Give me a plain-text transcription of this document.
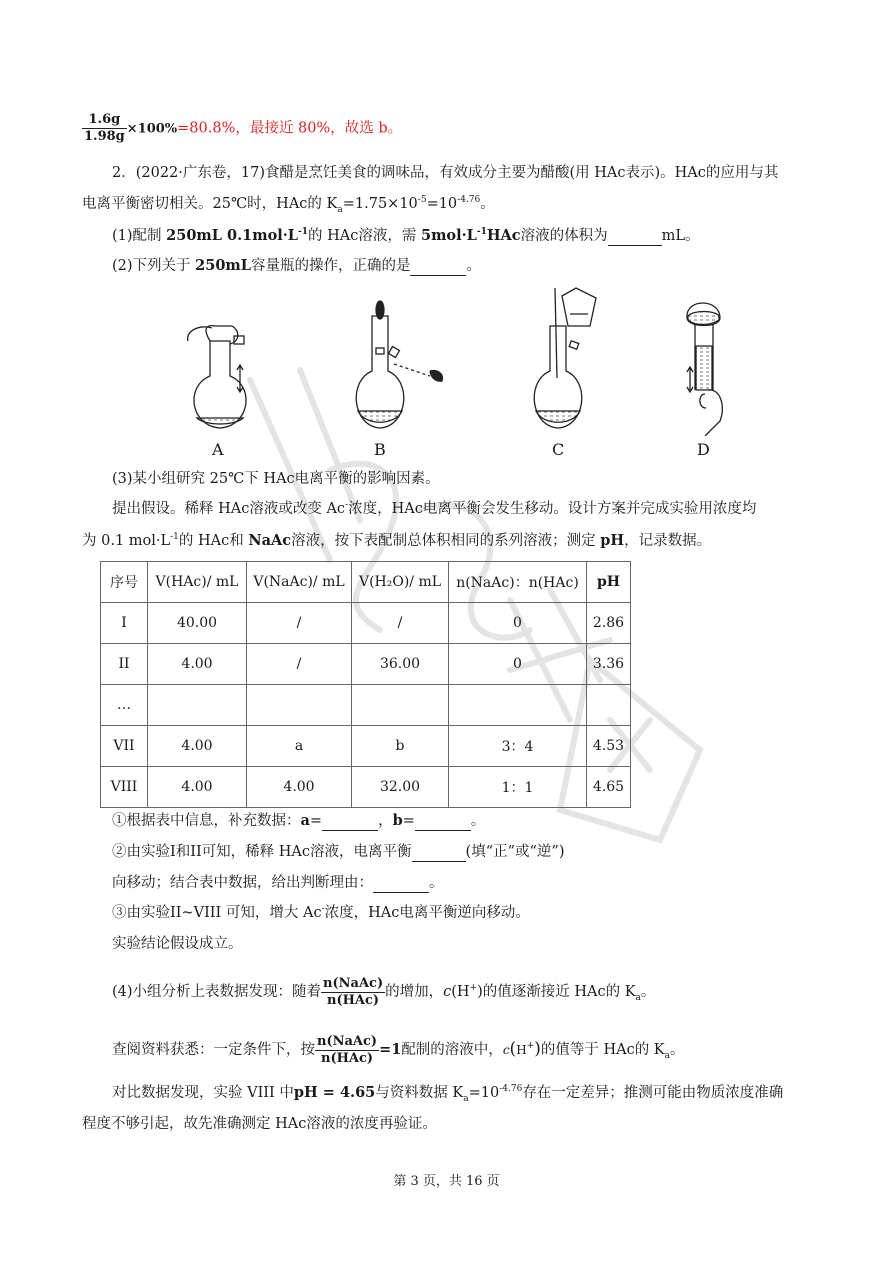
$\frac{1.6g}{1.98g} \times 100\%=80.8\%$，最接近 80%，故选 b。
2．(2022·广东卷，17)食醋是烹饪美食的调味品，有效成分主要为醋酸(用 HAc表示)。HAc的应用与其
电离平衡密切相关。25℃时，HAc的 $K_a=1.75\times 10^{-5}=10^{-4.76}$。
(1)配制 250mL $0.1mol\cdot L^{-1}$的 HAc溶液，需 $5mol\cdot L^{-1}HAc$溶液的体积为	mL。
(2)下列关于 250mL容量瓶的操作，正确的是	。
A	B	C	D
(3)某小组研究 25℃下 HAc电离平衡的影响因素。
提出假设。稀释 HAc溶液或改变 Ac-浓度，HAc电离平衡会发生移动。设计方案并完成实验用浓度均
为 0.1 $mol\cdot L^{-1}$的 HAc和 NaAc溶液，按下表配制总体积相同的系列溶液；测定 pH，记录数据。
序号	V(HAc)/ mL	V(NaAc)/ mL	V(H₂O)/ mL	n(NaAc)：n(HAc)	pH
I	40.00	/	/	0	2.86
II	4.00	/	36.00	0	3.36
…					
VII	4.00	a	b	3：4	4.53
VIII	4.00	4.00	32.00	1：1	4.65
①根据表中信息，补充数据：a=	，b=	。
②由实验I和II可知，稀释 HAc溶液，电离平衡	(填“正”或“逆”)
向移动；结合表中数据，给出判断理由：	。
③由实验II~VIII 可知，增大 Ac-浓度，HAc电离平衡逆向移动。
实验结论假设成立。
(4)小组分析上表数据发现：随着 $\frac{\text{n(NaAc)}}{\text{n(HAc)}}$ 的增加，c(H+)的值逐渐接近 HAc的 $K_a$。
查阅资料获悉：一定条件下，按 $\frac{\text{n(NaAc)}}{\text{n(HAc)}} =1$配制的溶液中，c(H+)的值等于 HAc的 $K_a$。
对比数据发现，实验 VIII 中pH = 4.65与资料数据 $K_a=10^{-4.76}$存在一定差异；推测可能由物质浓度准确
程度不够引起，故先准确测定 HAc溶液的浓度再验证。
第 3 页，共 16 页
